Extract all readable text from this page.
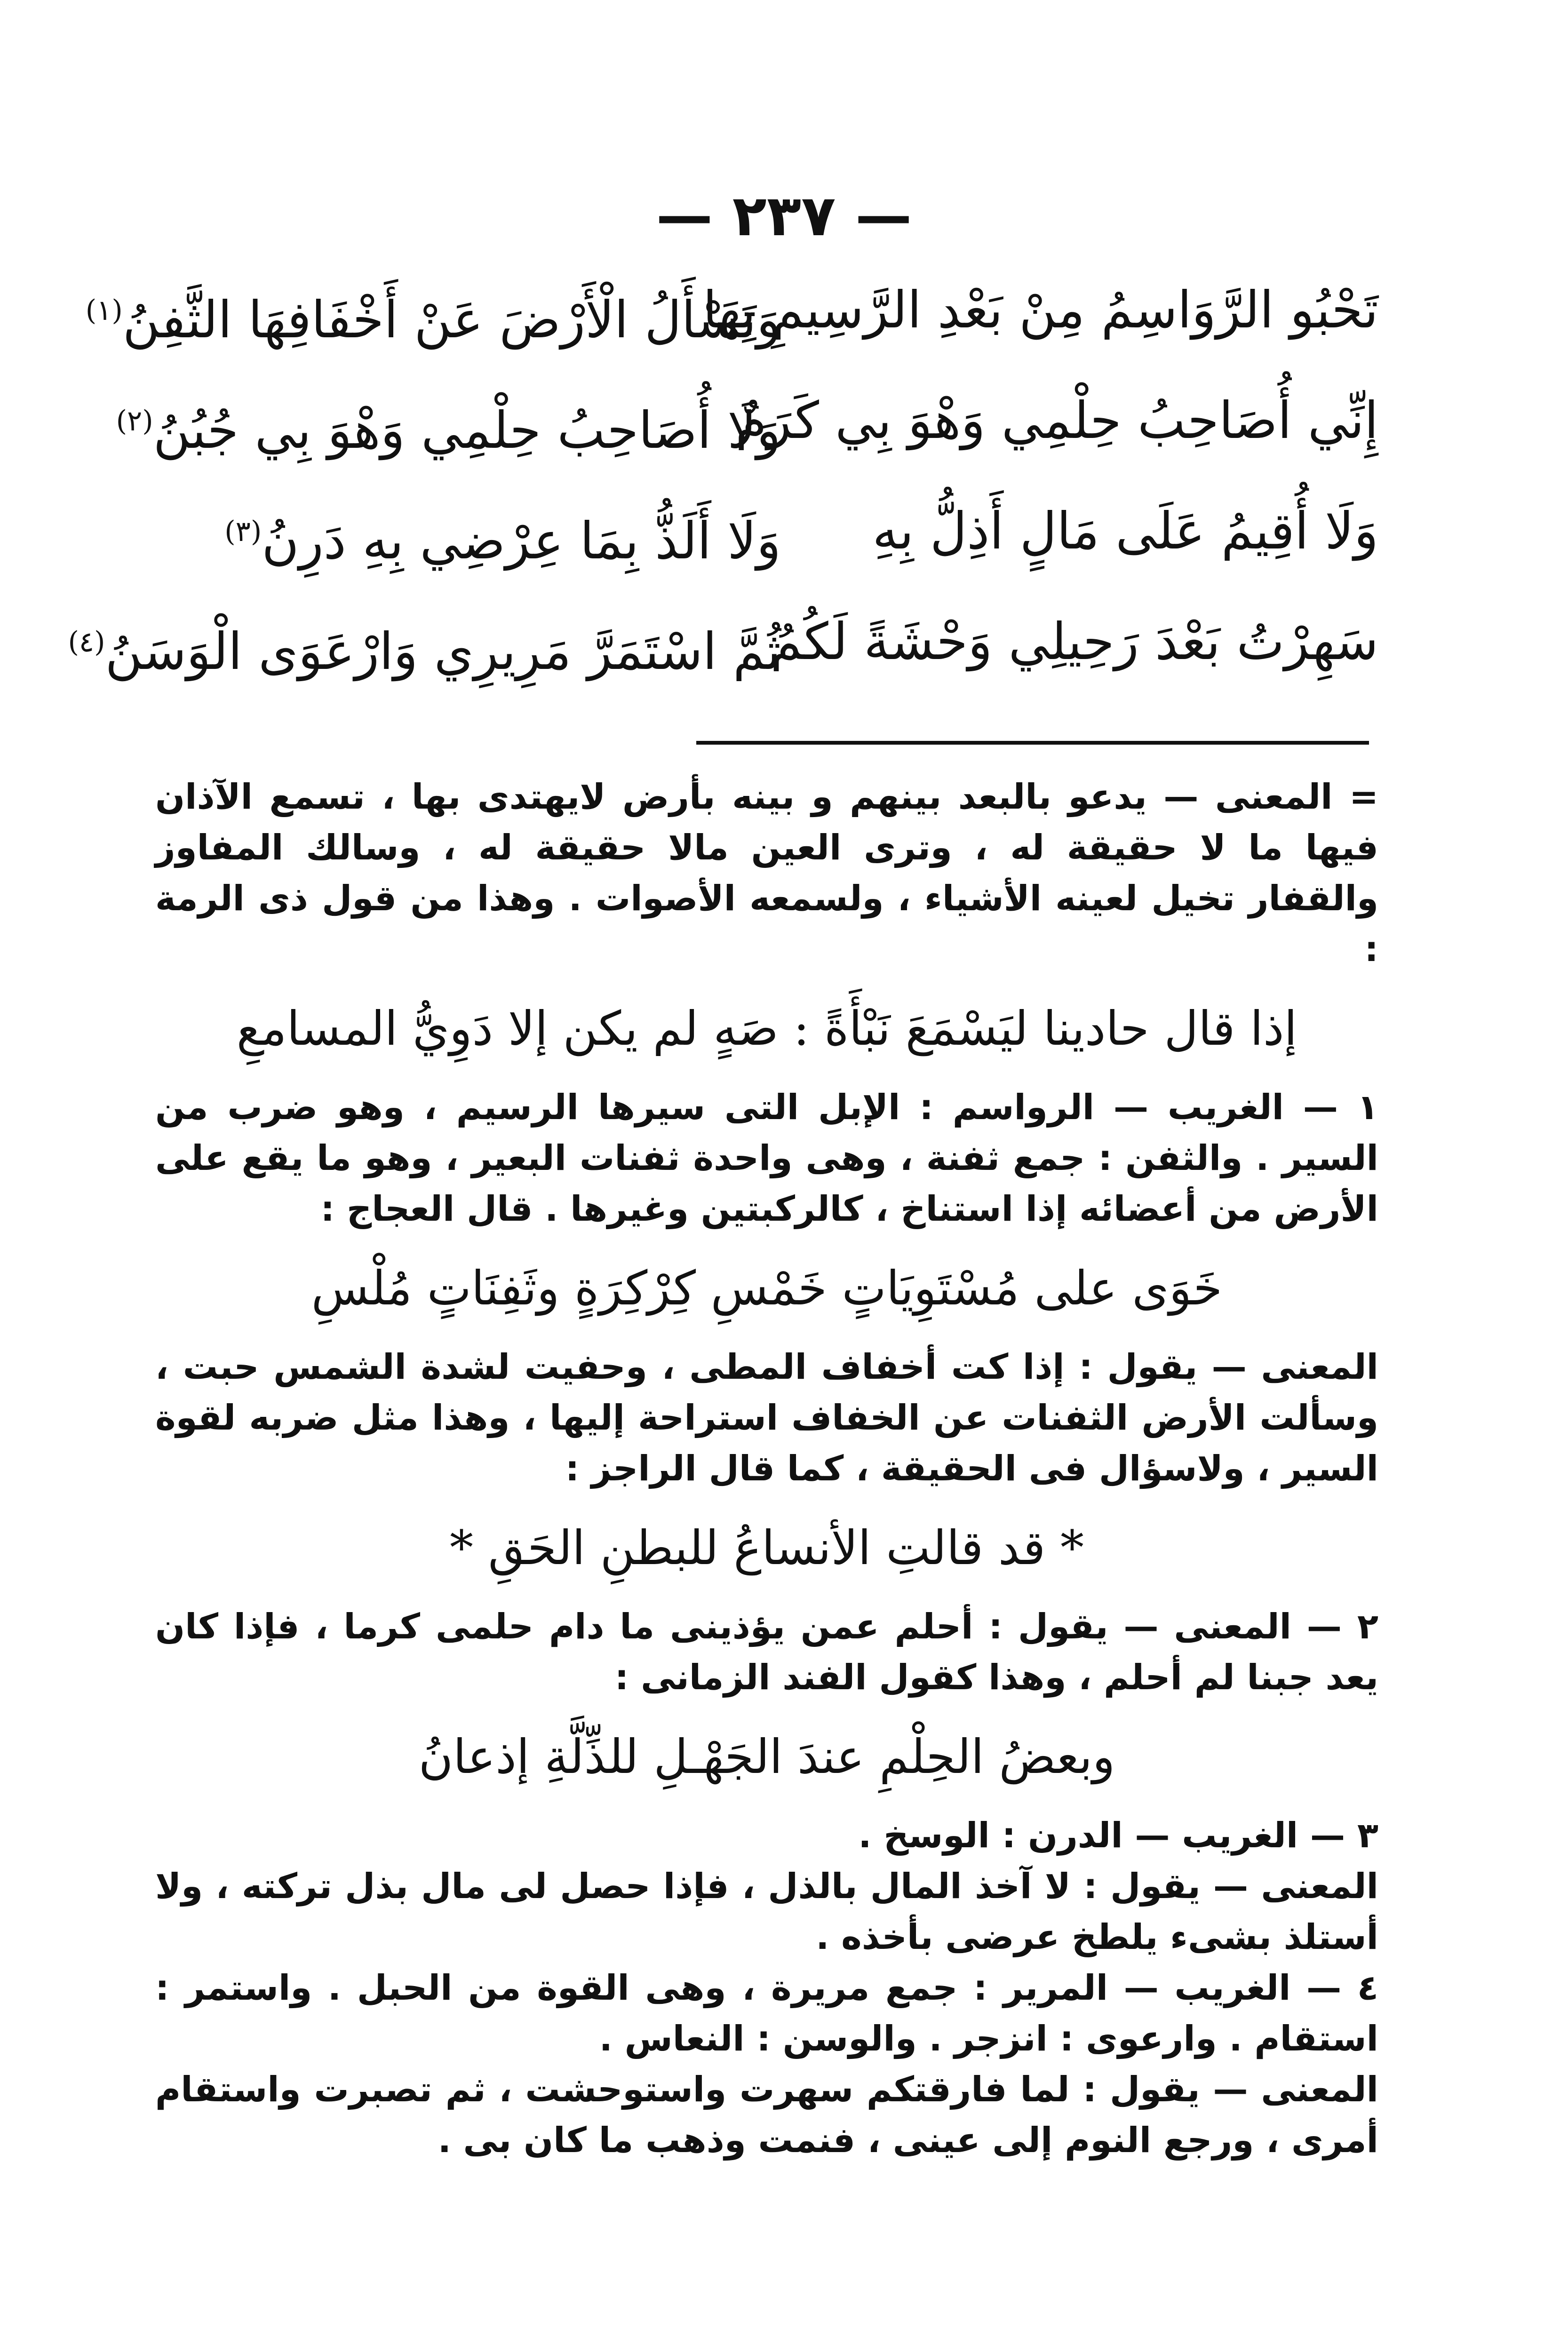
— ٢٣٧ —
تَحْبُو الرَّوَاسِمُ مِنْ بَعْدِ الرَّسِيمِ بِهَا
وَتَسْأَلُ الْأَرْضَ عَنْ أَخْفَافِهَا الثَّفِنُ$^{(١)}$
إِنِّي أُصَاحِبُ حِلْمِي وَهْوَ بِي كَرَمٌ
وَلَا أُصَاحِبُ حِلْمِي وَهْوَ بِي جُبُنُ$^{(٢)}$
وَلَا أُقِيمُ عَلَى مَالٍ أَذِلُّ بِهِ
وَلَا أَلَذُّ بِمَا عِرْضِي بِهِ دَرِنُ$^{(٣)}$
سَهِرْتُ بَعْدَ رَحِيلِي وَحْشَةً لَكُمُ
ثُمَّ اسْتَمَرَّ مَرِيرِي وَارْعَوَى الْوَسَنُ$^{(٤)}$

= المعنى — يدعو بالبعد بينهم و بينه بأرض لايهتدى بها ، تسمع الآذان فيها ما لا حقيقة له ، وترى العين مالا حقيقة له ، وسالك المفاوز والقفار تخيل لعينه الأشياء ، ولسمعه الأصوات . وهذا من قول ذى الرمة :

إذا قال حادينا ليَسْمَعَ نَبْأَةً : صَهٍ لم يكن إلا دَوِيُّ المسامعِ

١ — الغريب — الرواسم : الإبل التى سيرها الرسيم ، وهو ضرب من السير . والثفن : جمع ثفنة ، وهى واحدة ثفنات البعير ، وهو ما يقع على الأرض من أعضائه إذا استناخ ، كالركبتين وغيرها . قال العجاج :

خَوَى على مُسْتَوِيَاتٍ خَمْسِ كِرْكِرَةٍ وثَفِنَاتٍ مُلْسِ

المعنى — يقول : إذا كت أخفاف المطى ، وحفيت لشدة الشمس حبت ، وسألت الأرض الثفنات عن الخفاف استراحة إليها ، وهذا مثل ضربه لقوة السير ، ولاسؤال فى الحقيقة ، كما قال الراجز :

* قد قالتِ الأنساعُ للبطنِ الحَقِ *

٢ — المعنى — يقول : أحلم عمن يؤذينى ما دام حلمى كرما ، فإذا كان يعد جبنا لم أحلم ، وهذا كقول الفند الزمانى :

وبعضُ الحِلْمِ عندَ الجَهْـلِ للذِّلَّةِ إذعانُ

٣ — الغريب — الدرن : الوسخ .

المعنى — يقول : لا آخذ المال بالذل ، فإذا حصل لى مال بذل تركته ، ولا أستلذ بشىء يلطخ عرضى بأخذه .

٤ — الغريب — المرير : جمع مريرة ، وهى القوة من الحبل . واستمر : استقام . وارعوى : انزجر . والوسن : النعاس .

المعنى — يقول : لما فارقتكم سهرت واستوحشت ، ثم تصبرت واستقام أمرى ، ورجع النوم إلى عينى ، فنمت وذهب ما كان بى .
